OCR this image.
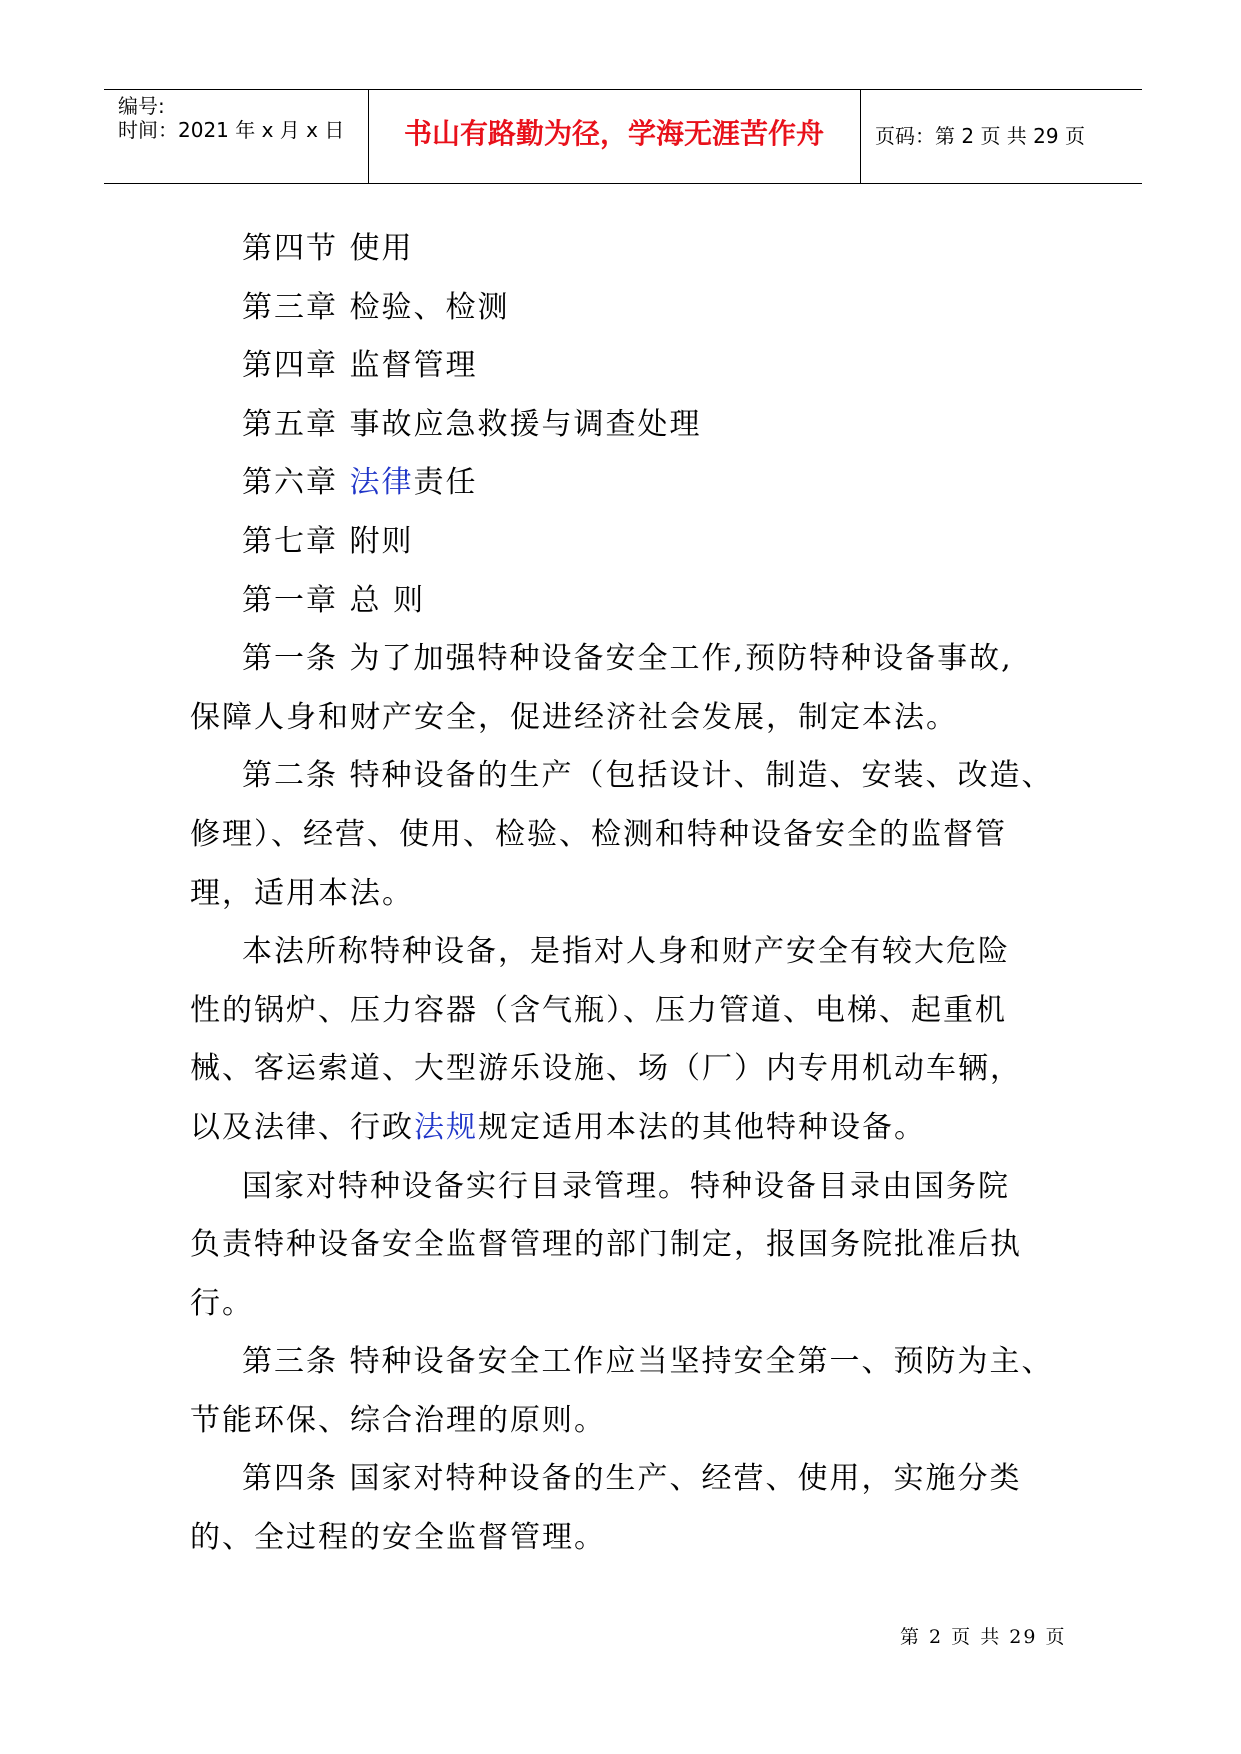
编号:
时间：2021 年 x 月 x 日	书山有路勤为径，学海无涯苦作舟	页码：第 2 页 共 29 页
第四节 使用
第三章 检验、检测
第四章 监督管理
第五章 事故应急救援与调查处理
第六章 法律责任
第七章 附则
第一章 总 则
第一条 为了加强特种设备安全工作,预防特种设备事故,
保障人身和财产安全，促进经济社会发展，制定本法。
第二条 特种设备的生产（包括设计、制造、安装、改造、
修理）、经营、使用、检验、检测和特种设备安全的监督管
理，适用本法。
本法所称特种设备，是指对人身和财产安全有较大危险
性的锅炉、压力容器（含气瓶）、压力管道、电梯、起重机
械、客运索道、大型游乐设施、场（厂）内专用机动车辆，
以及法律、行政法规规定适用本法的其他特种设备。
国家对特种设备实行目录管理。特种设备目录由国务院
负责特种设备安全监督管理的部门制定，报国务院批准后执
行。
第三条 特种设备安全工作应当坚持安全第一、预防为主、
节能环保、综合治理的原则。
第四条 国家对特种设备的生产、经营、使用，实施分类
的、全过程的安全监督管理。
第 2 页 共 29 页
